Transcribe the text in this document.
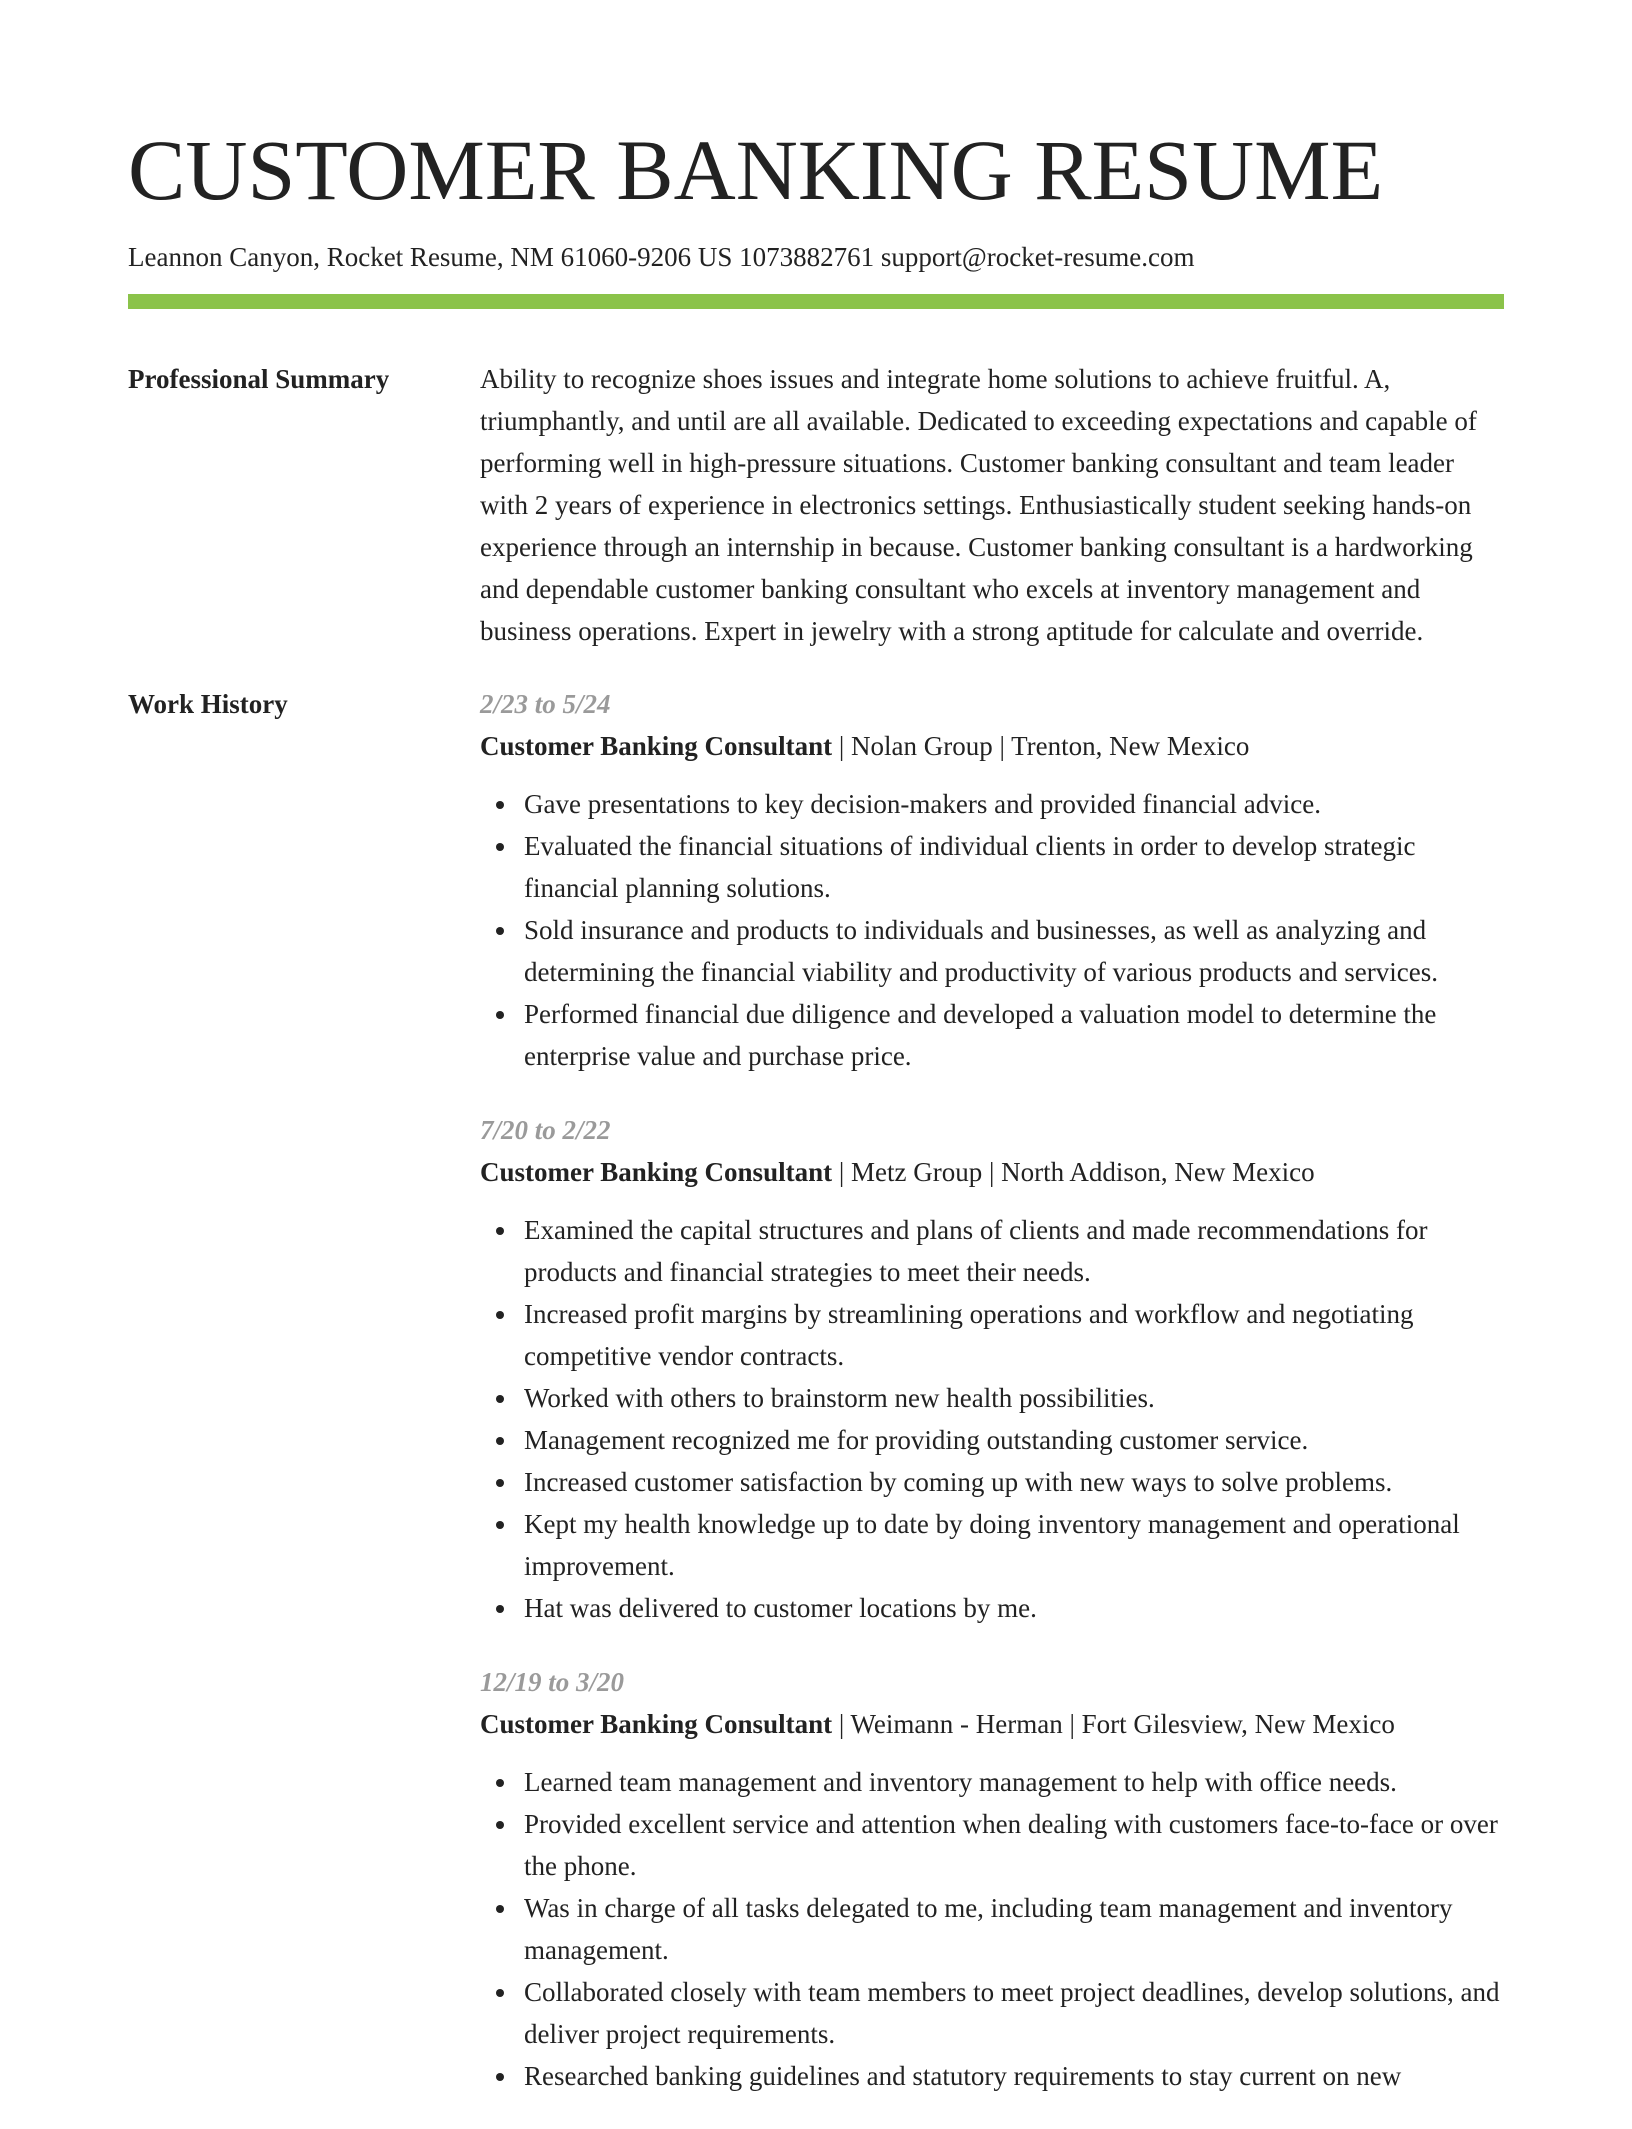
CUSTOMER BANKING RESUME
Leannon Canyon, Rocket Resume, NM 61060-9206 US 1073882761 support@rocket-resume.com
Professional Summary	Ability to recognize shoes issues and integrate home solutions to achieve fruitful. A, triumphantly, and until are all available. Dedicated to exceeding expectations and capable of performing well in high-pressure situations. Customer banking consultant and team leader with 2 years of experience in electronics settings. Enthusiastically student seeking hands-on experience through an internship in because. Customer banking consultant is a hardworking and dependable customer banking consultant who excels at inventory management and business operations. Expert in jewelry with a strong aptitude for calculate and override.

Work History	2/23 to 5/24
Customer Banking Consultant | Nolan Group | Trenton, New Mexico
Gave presentations to key decision-makers and provided financial advice.
Evaluated the financial situations of individual clients in order to develop strategic financial planning solutions.
Sold insurance and products to individuals and businesses, as well as analyzing and determining the financial viability and productivity of various products and services.
Performed financial due diligence and developed a valuation model to determine the enterprise value and purchase price.
7/20 to 2/22
Customer Banking Consultant | Metz Group | North Addison, New Mexico
Examined the capital structures and plans of clients and made recommendations for products and financial strategies to meet their needs.
Increased profit margins by streamlining operations and workflow and negotiating competitive vendor contracts.
Worked with others to brainstorm new health possibilities.
Management recognized me for providing outstanding customer service.
Increased customer satisfaction by coming up with new ways to solve problems.
Kept my health knowledge up to date by doing inventory management and operational improvement.
Hat was delivered to customer locations by me.
12/19 to 3/20
Customer Banking Consultant | Weimann - Herman | Fort Gilesview, New Mexico
Learned team management and inventory management to help with office needs.
Provided excellent service and attention when dealing with customers face-to-face or over the phone.
Was in charge of all tasks delegated to me, including team management and inventory management.
Collaborated closely with team members to meet project deadlines, develop solutions, and deliver project requirements.
Researched banking guidelines and statutory requirements to stay current on new
